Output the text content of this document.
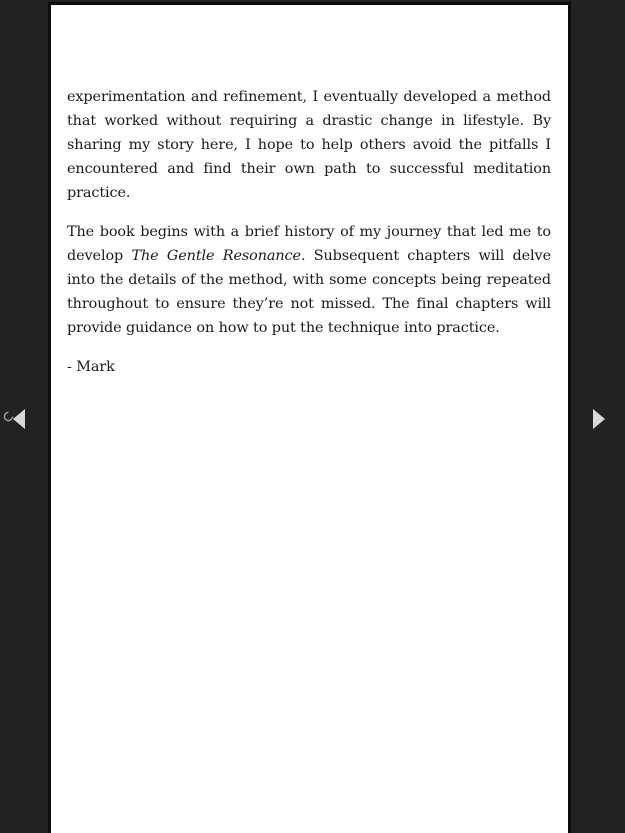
experimentation and refinement, I eventually developed a method that worked without requiring a drastic change in lifestyle. By sharing my story here, I hope to help others avoid the pitfalls I encountered and find their own path to successful meditation practice.

The book begins with a brief history of my journey that led me to develop The Gentle Resonance. Subsequent chapters will delve into the details of the method, with some concepts being repeated throughout to ensure they’re not missed. The final chapters will provide guidance on how to put the technique into practice.

- Mark
